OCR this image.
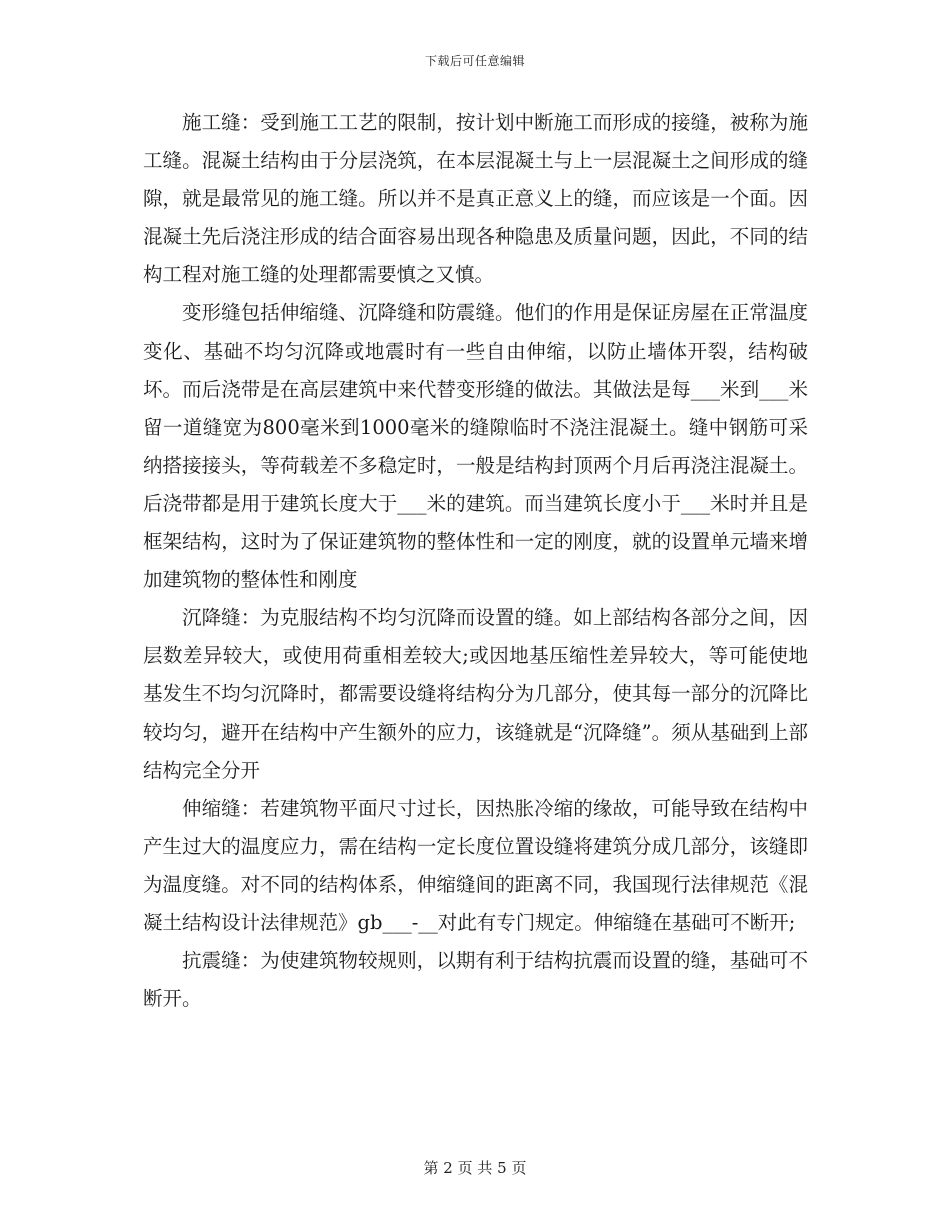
下载后可任意编辑

施工缝：受到施工工艺的限制，按计划中断施工而形成的接缝，被称为施工缝。混凝土结构由于分层浇筑，在本层混凝土与上一层混凝土之间形成的缝隙，就是最常见的施工缝。所以并不是真正意义上的缝，而应该是一个面。因混凝土先后浇注形成的结合面容易出现各种隐患及质量问题，因此，不同的结构工程对施工缝的处理都需要慎之又慎。

变形缝包括伸缩缝、沉降缝和防震缝。他们的作用是保证房屋在正常温度变化、基础不均匀沉降或地震时有一些自由伸缩，以防止墙体开裂，结构破坏。而后浇带是在高层建筑中来代替变形缝的做法。其做法是每___米到___米留一道缝宽为800毫米到1000毫米的缝隙临时不浇注混凝土。缝中钢筋可采纳搭接接头，等荷载差不多稳定时，一般是结构封顶两个月后再浇注混凝土。后浇带都是用于建筑长度大于___米的建筑。而当建筑长度小于___米时并且是框架结构，这时为了保证建筑物的整体性和一定的刚度，就的设置单元墙来增加建筑物的整体性和刚度

沉降缝：为克服结构不均匀沉降而设置的缝。如上部结构各部分之间，因层数差异较大，或使用荷重相差较大;或因地基压缩性差异较大，等可能使地基发生不均匀沉降时，都需要设缝将结构分为几部分，使其每一部分的沉降比较均匀，避开在结构中产生额外的应力，该缝就是“沉降缝”。须从基础到上部结构完全分开

伸缩缝：若建筑物平面尺寸过长，因热胀冷缩的缘故，可能导致在结构中产生过大的温度应力，需在结构一定长度位置设缝将建筑分成几部分，该缝即为温度缝。对不同的结构体系，伸缩缝间的距离不同，我国现行法律规范《混凝土结构设计法律规范》gb___-__对此有专门规定。伸缩缝在基础可不断开;

抗震缝：为使建筑物较规则，以期有利于结构抗震而设置的缝，基础可不断开。

第 2 页 共 5 页
